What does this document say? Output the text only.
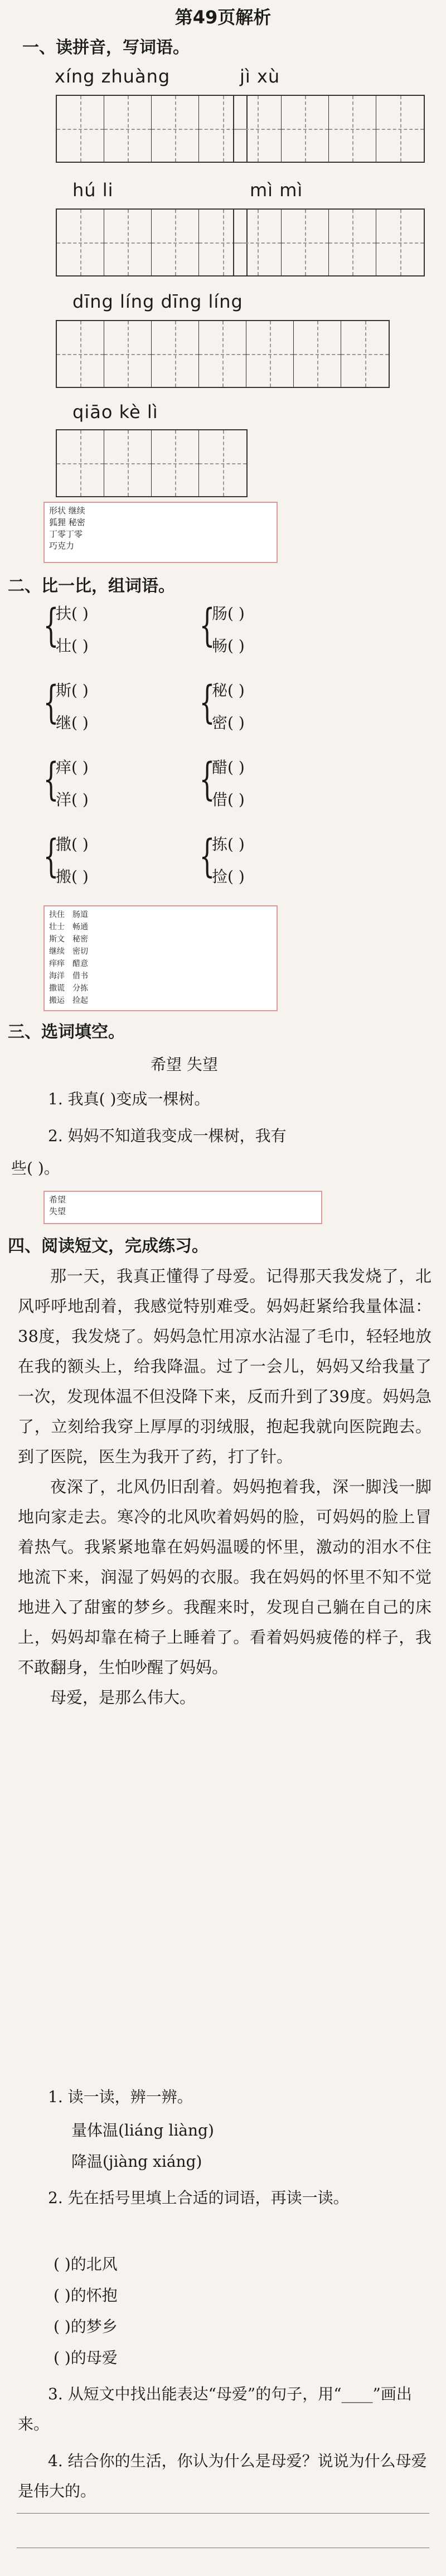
第49页解析
一、读拼音，写词语。
xíng zhuàng	jì xù
hú li	mì mì
dīng líng dīng líng
qiāo kè lì
形状 继续
狐狸 秘密
丁零丁零
巧克力
二、比一比，组词语。
{
扶( )
壮( ) {
肠( )
畅( )
{
斯( )
继( ) {
秘( )
密( )
{
痒( )
洋( ) {
醋( )
借( )
{
撒( )
搬( ) {
拣( )
捡( )
扶住　 肠道
壮士　 畅通
斯文　 秘密
继续　 密切
痒痒　 醋意
海洋　 借书
撒谎　 分拣
搬运　 捡起
三、选词填空。
希望 失望
1. 我真( )变成一棵树。
2. 妈妈不知道我变成一棵树，我有
些( )。
希望
失望
四、阅读短文，完成练习。

那一天，我真正懂得了母爱。记得那天我发烧了，北风呼呼地刮着，我感觉特别难受。妈妈赶紧给我量体温：38度，我发烧了。妈妈急忙用凉水沾湿了毛巾，轻轻地放在我的额头上，给我降温。过了一会儿，妈妈又给我量了一次，发现体温不但没降下来，反而升到了39度。妈妈急了，立刻给我穿上厚厚的羽绒服，抱起我就向医院跑去。到了医院，医生为我开了药，打了针。

夜深了，北风仍旧刮着。妈妈抱着我，深一脚浅一脚地向家走去。寒冷的北风吹着妈妈的脸，可妈妈的脸上冒着热气。我紧紧地靠在妈妈温暖的怀里，激动的泪水不住地流下来，润湿了妈妈的衣服。我在妈妈的怀里不知不觉地进入了甜蜜的梦乡。我醒来时，发现自己躺在自己的床上，妈妈却靠在椅子上睡着了。看着妈妈疲倦的样子，我不敢翻身，生怕吵醒了妈妈。

母爱，是那么伟大。

1. 读一读，辨一辨。
量体温(liáng liàng)
降温(jiàng xiáng)
2. 先在括号里填上合适的词语，再读一读。
( )的北风
( )的怀抱
( )的梦乡
( )的母爱
3. 从短文中找出能表达“母爱”的句子，用“____”画出来。
4. 结合你的生活，你认为什么是母爱？说说为什么母爱是伟大的。
